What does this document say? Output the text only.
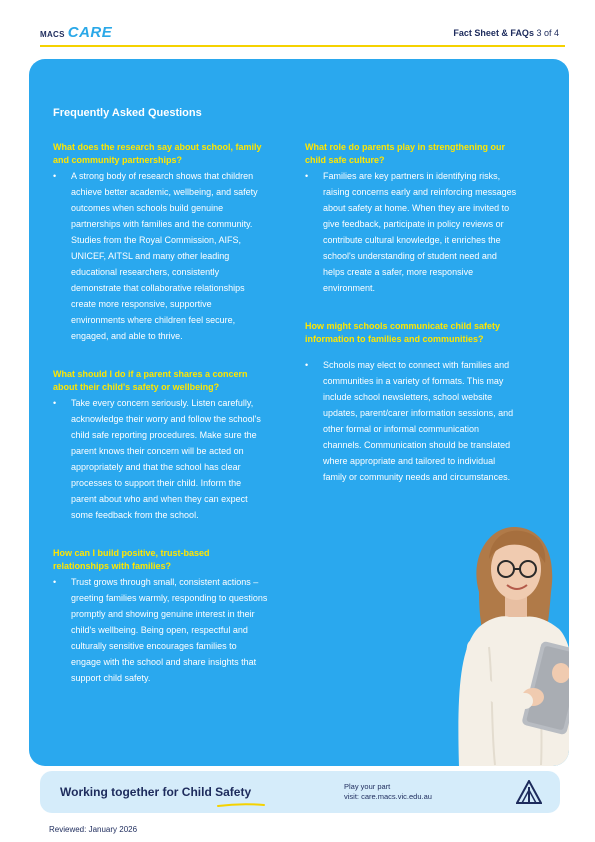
MACS CARE	Fact Sheet & FAQs 3 of 4
Frequently Asked Questions

What does the research say about school, family and community partnerships?

•	A strong body of research shows that children achieve better academic, wellbeing, and safety outcomes when schools build genuine partnerships with families and the community. Studies from the Royal Commission, AIFS, UNICEF, AITSL and many other leading educational researchers, consistently demonstrate that collaborative relationships create more responsive, supportive environments where children feel secure, engaged, and able to thrive.

What should I do if a parent shares a concern about their child's safety or wellbeing?

•	Take every concern seriously. Listen carefully, acknowledge their worry and follow the school's child safe reporting procedures. Make sure the parent knows their concern will be acted on appropriately and that the school has clear processes to support their child. Inform the parent about who and when they can expect some feedback from the school.

How can I build positive, trust-based relationships with families?

•	Trust grows through small, consistent actions – greeting families warmly, responding to questions promptly and showing genuine interest in their child's wellbeing. Being open, respectful and culturally sensitive encourages families to engage with the school and share insights that support child safety.

What role do parents play in strengthening our child safe culture?

•	Families are key partners in identifying risks, raising concerns early and reinforcing messages about safety at home. When they are invited to give feedback, participate in policy reviews or contribute cultural knowledge, it enriches the school's understanding of student need and helps create a safer, more responsive environment.

How might schools communicate child safety information to families and communities?

•	Schools may elect to connect with families and communities in a variety of formats. This may include school newsletters, school website updates, parent/carer information sessions, and other formal or informal communication channels. Communication should be translated where appropriate and tailored to individual family or community needs and circumstances.
Working together for Child Safety	Play your part
visit: care.macs.vic.edu.au
Reviewed: January 2026
